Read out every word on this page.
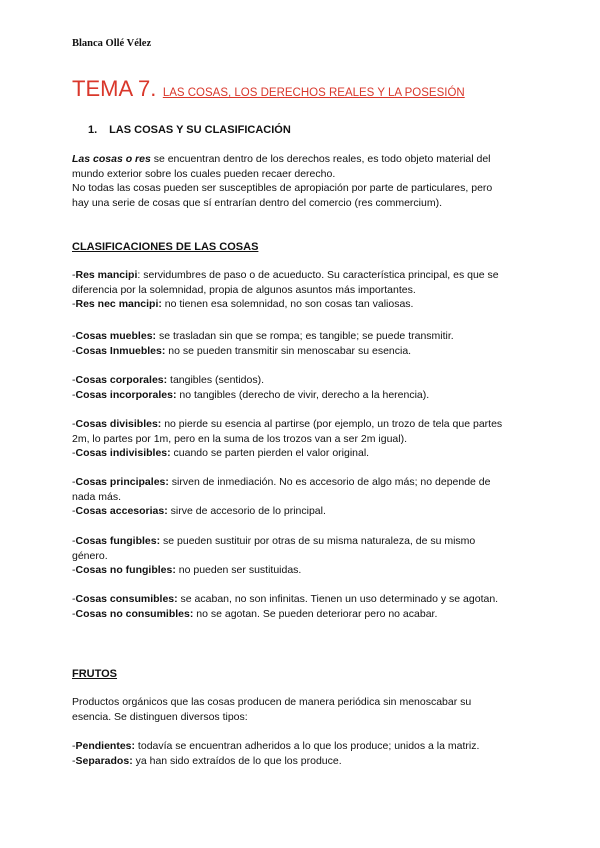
Blanca Ollé Vélez
TEMA 7. LAS COSAS, LOS DERECHOS REALES Y LA POSESIÓN
1. LAS COSAS Y SU CLASIFICACIÓN
Las cosas o res se encuentran dentro de los derechos reales, es todo objeto material del
mundo exterior sobre los cuales pueden recaer derecho.
No todas las cosas pueden ser susceptibles de apropiación por parte de particulares, pero
hay una serie de cosas que sí entrarían dentro del comercio (res commercium).
CLASIFICACIONES DE LAS COSAS
-Res mancipi: servidumbres de paso o de acueducto. Su característica principal, es que se
diferencia por la solemnidad, propia de algunos asuntos más importantes.
-Res nec mancipi: no tienen esa solemnidad, no son cosas tan valiosas.
-Cosas muebles: se trasladan sin que se rompa; es tangible; se puede transmitir.
-Cosas Inmuebles: no se pueden transmitir sin menoscabar su esencia.
-Cosas corporales: tangibles (sentidos).
-Cosas incorporales: no tangibles (derecho de vivir, derecho a la herencia).
-Cosas divisibles: no pierde su esencia al partirse (por ejemplo, un trozo de tela que partes
2m, lo partes por 1m, pero en la suma de los trozos van a ser 2m igual).
-Cosas indivisibles: cuando se parten pierden el valor original.
-Cosas principales: sirven de inmediación. No es accesorio de algo más; no depende de
nada más.
-Cosas accesorias: sirve de accesorio de lo principal.
-Cosas fungibles: se pueden sustituir por otras de su misma naturaleza, de su mismo
género.
-Cosas no fungibles: no pueden ser sustituidas.
-Cosas consumibles: se acaban, no son infinitas. Tienen un uso determinado y se agotan.
-Cosas no consumibles: no se agotan. Se pueden deteriorar pero no acabar.
FRUTOS
Productos orgánicos que las cosas producen de manera periódica sin menoscabar su
esencia. Se distinguen diversos tipos:
-Pendientes: todavía se encuentran adheridos a lo que los produce; unidos a la matriz.
-Separados: ya han sido extraídos de lo que los produce.
